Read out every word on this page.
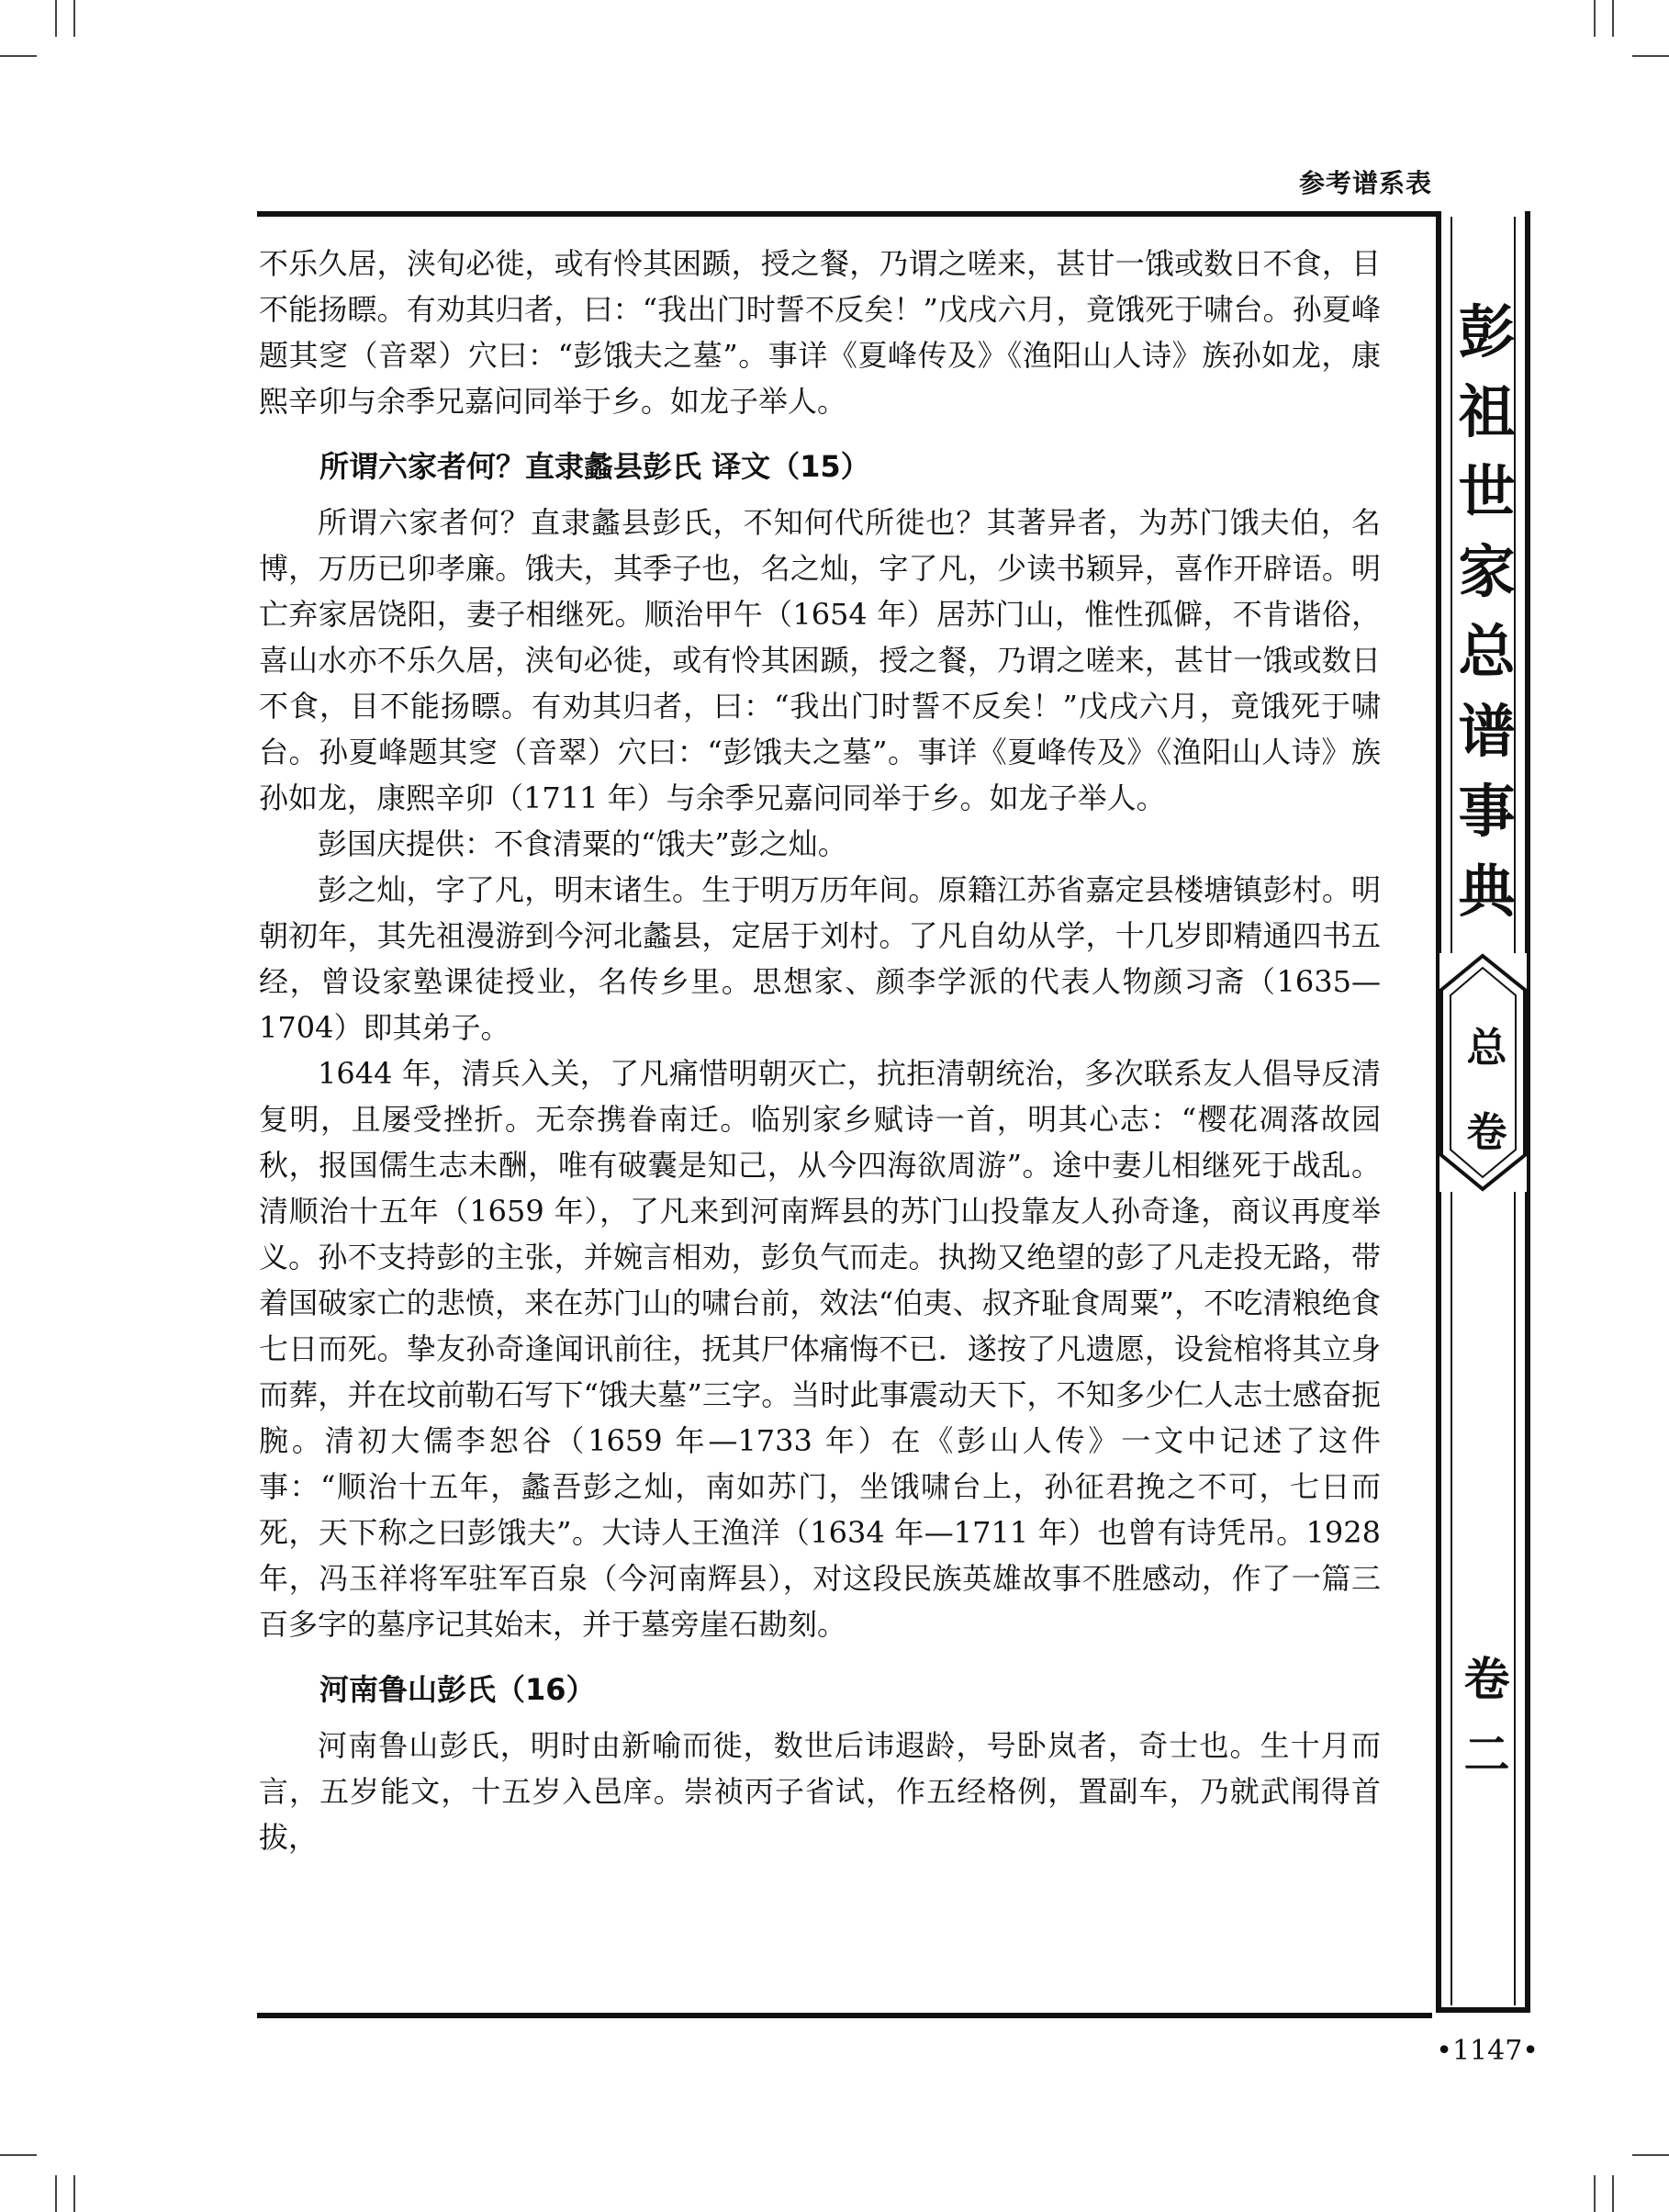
参考谱系表
彭祖世家总谱事典
总卷
卷二

不乐久居，浃旬必徙，或有怜其困踬，授之餐，乃谓之嗟来，甚甘一饿或数日不食，目不能扬瞟。有劝其归者，曰：“我出门时誓不反矣！”戊戌六月，竟饿死于啸台。孙夏峰题其窆（音翠）穴曰：“彭饿夫之墓”。事详《夏峰传及》《渔阳山人诗》族孙如龙，康熙辛卯与余季兄嘉问同举于乡。如龙子举人。

所谓六家者何？直隶蠡县彭氏 译文（15）

所谓六家者何？直隶蠡县彭氏，不知何代所徙也？其著异者，为苏门饿夫伯，名博，万历已卯孝廉。饿夫，其季子也，名之灿，字了凡，少读书颖异，喜作开辟语。明亡弃家居饶阳，妻子相继死。顺治甲午（1654 年）居苏门山，惟性孤僻，不肯谐俗，喜山水亦不乐久居，浃旬必徙，或有怜其困踬，授之餐，乃谓之嗟来，甚甘一饿或数日不食，目不能扬瞟。有劝其归者，曰：“我出门时誓不反矣！”戊戌六月，竟饿死于啸台。孙夏峰题其窆（音翠）穴曰：“彭饿夫之墓”。事详《夏峰传及》《渔阳山人诗》族孙如龙，康熙辛卯（1711 年）与余季兄嘉问同举于乡。如龙子举人。

彭国庆提供：不食清粟的“饿夫”彭之灿。

彭之灿，字了凡，明末诸生。生于明万历年间。原籍江苏省嘉定县楼塘镇彭村。明朝初年，其先祖漫游到今河北蠡县，定居于刘村。了凡自幼从学，十几岁即精通四书五经，曾设家塾课徒授业，名传乡里。思想家、颜李学派的代表人物颜习斋（1635—1704）即其弟子。

1644 年，清兵入关，了凡痛惜明朝灭亡，抗拒清朝统治，多次联系友人倡导反清复明，且屡受挫折。无奈携眷南迁。临别家乡赋诗一首，明其心志：“樱花凋落故园秋，报国儒生志未酬，唯有破囊是知己，从今四海欲周游”。途中妻儿相继死于战乱。清顺治十五年（1659 年），了凡来到河南辉县的苏门山投靠友人孙奇逢，商议再度举义。孙不支持彭的主张，并婉言相劝，彭负气而走。执拗又绝望的彭了凡走投无路，带着国破家亡的悲愤，来在苏门山的啸台前，效法“伯夷、叔齐耻食周粟”，不吃清粮绝食七日而死。挚友孙奇逢闻讯前往，抚其尸体痛悔不已．遂按了凡遗愿，设瓮棺将其立身而葬，并在坟前勒石写下“饿夫墓”三字。当时此事震动天下，不知多少仁人志士感奋扼腕。清初大儒李恕谷（1659 年—1733 年）在《彭山人传》一文中记述了这件事：“顺治十五年，蠡吾彭之灿，南如苏门，坐饿啸台上，孙征君挽之不可，七日而死，天下称之曰彭饿夫”。大诗人王渔洋（1634 年—1711 年）也曾有诗凭吊。1928 年，冯玉祥将军驻军百泉（今河南辉县），对这段民族英雄故事不胜感动，作了一篇三百多字的墓序记其始末，并于墓旁崖石勘刻。

河南鲁山彭氏（16）

河南鲁山彭氏，明时由新喻而徙，数世后讳遐龄，号卧岚者，奇士也。生十月而言，五岁能文，十五岁入邑庠。崇祯丙子省试，作五经格例，置副车，乃就武闱得首拔，

•1147•
